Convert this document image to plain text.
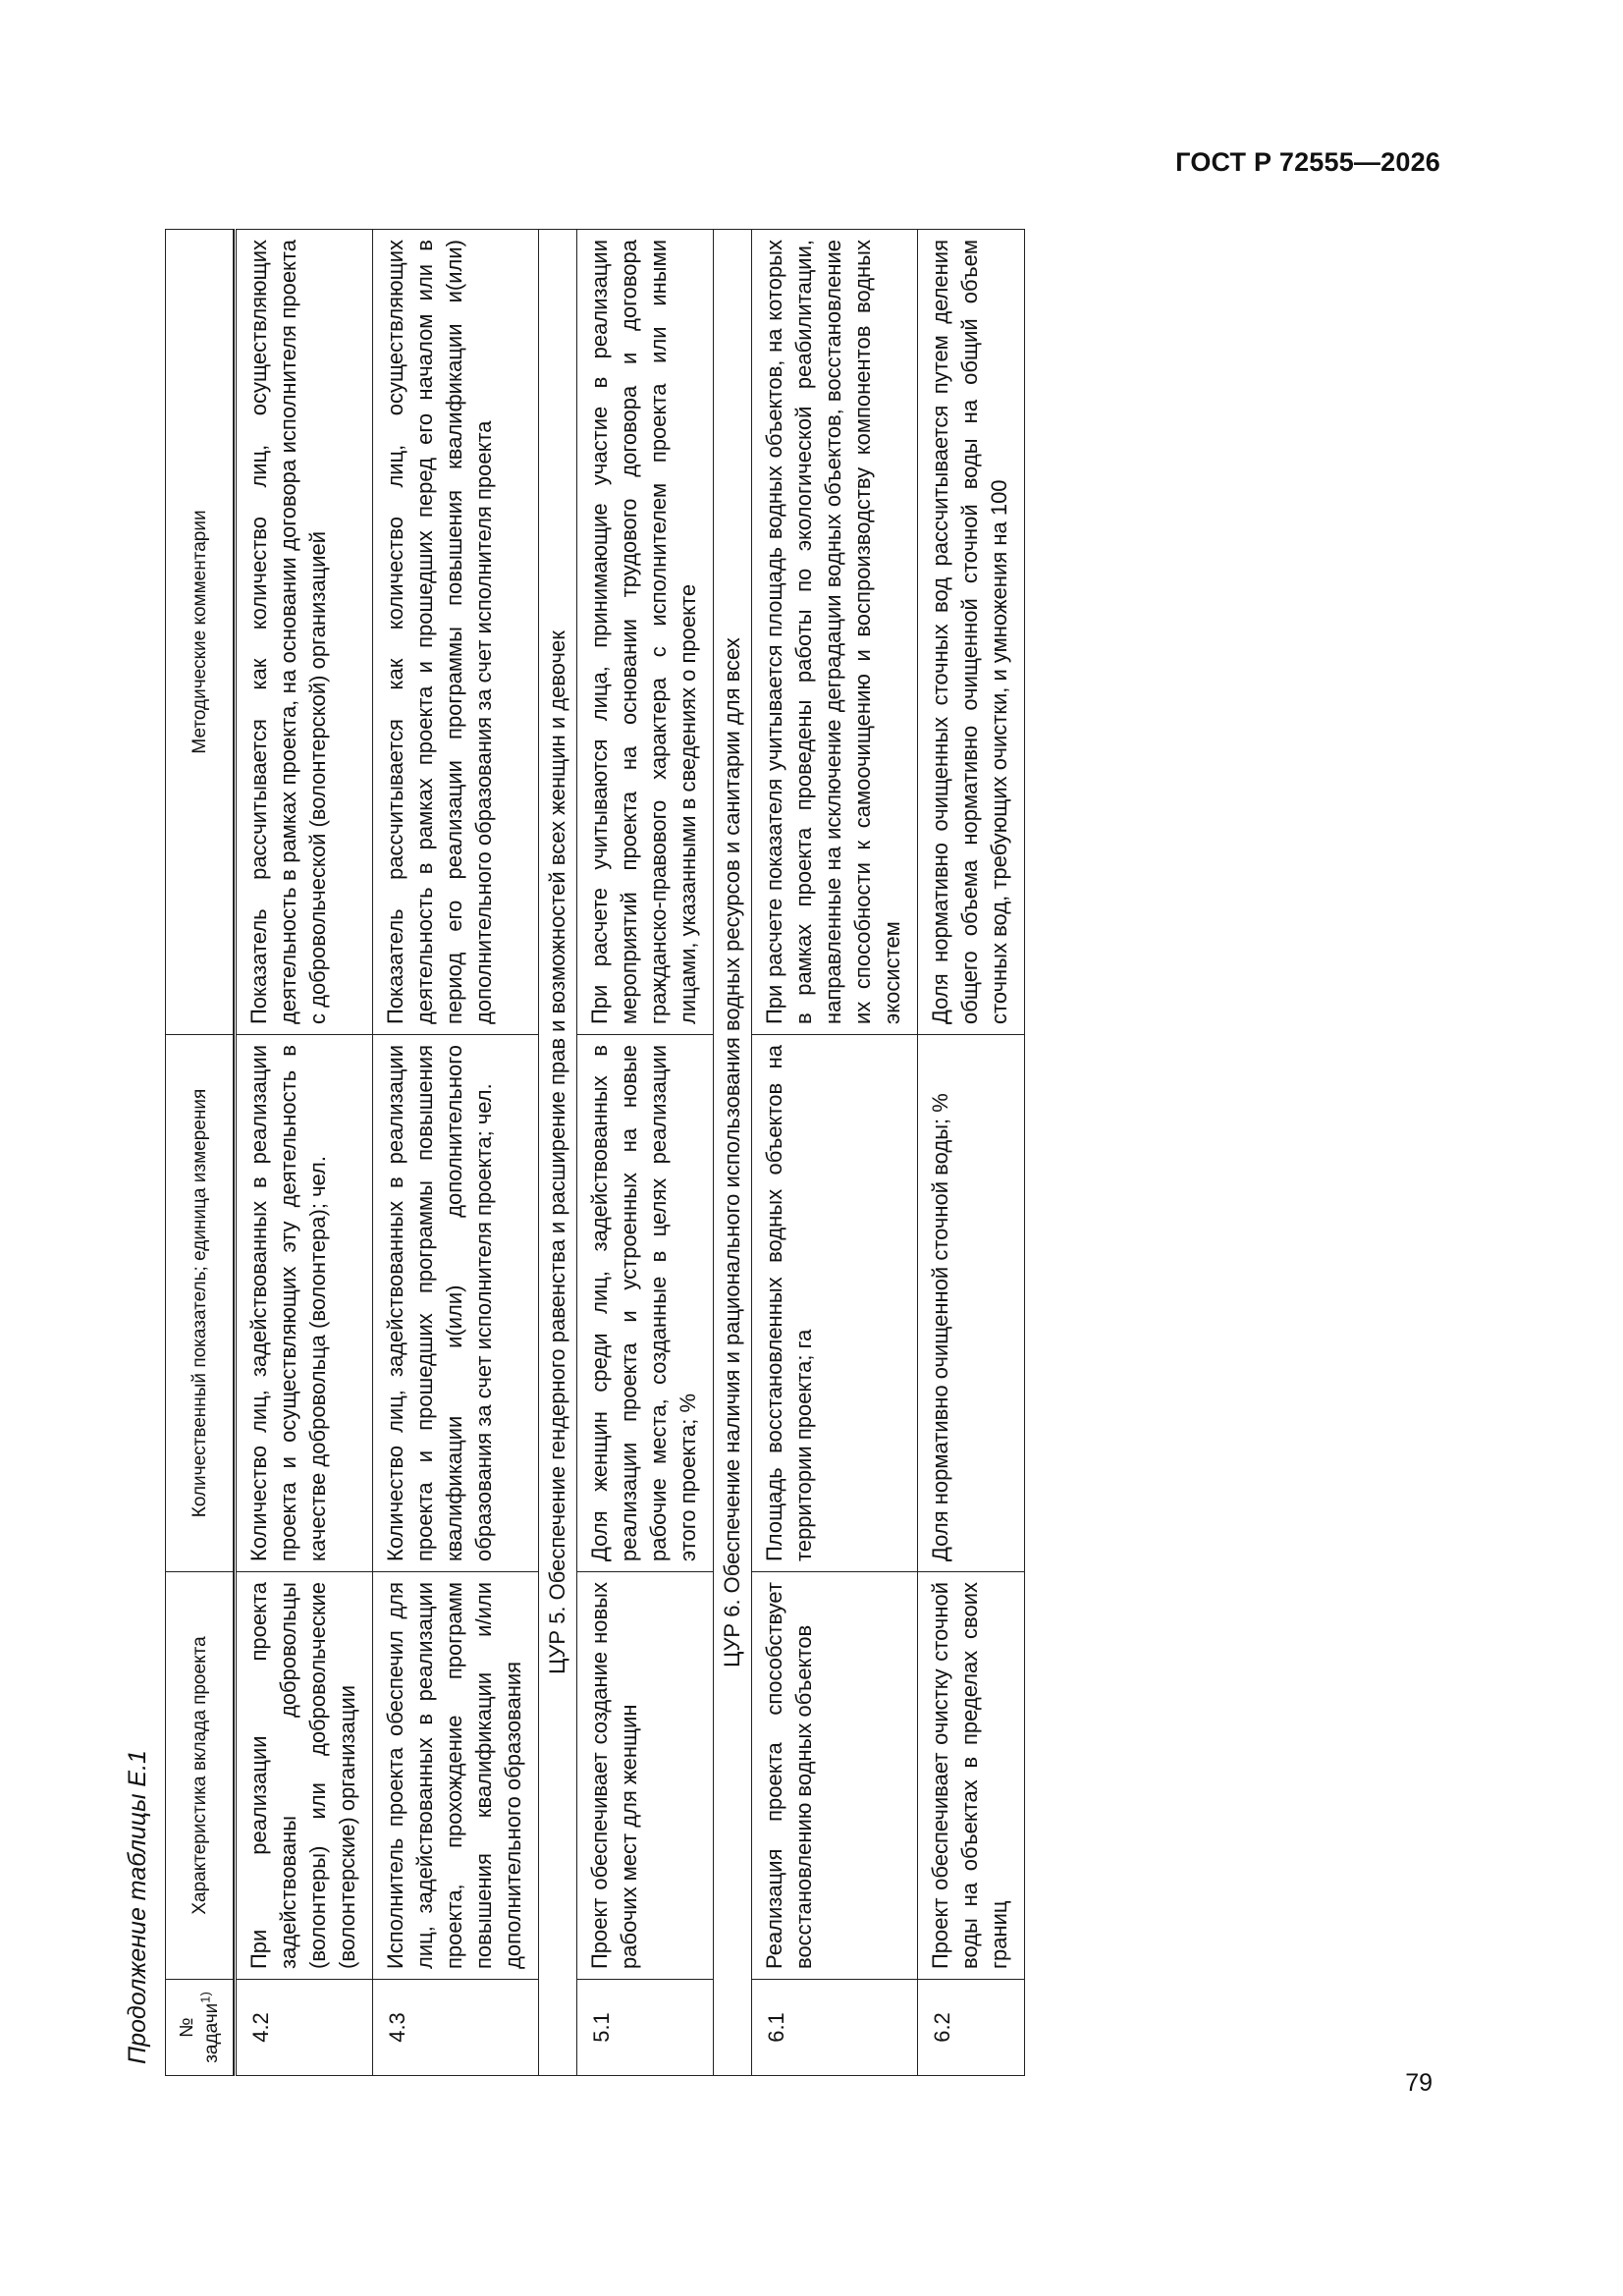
ГОСТ Р 72555—2026
Продолжение таблицы Е.1	№ задачи$^{1)}$	Характеристика вклада проекта	Количественный показатель; единица измерения	Методические комментарии

4.2	При реализации проекта задействованы добровольцы (волонтеры) или добровольческие (волонтерские) организации	Количество лиц, задействованных в реализации проекта и осуществляющих эту деятельность в качестве добровольца (волонтера); чел.	Показатель рассчитывается как количество лиц, осуществляющих деятельность в рамках проекта, на основании договора исполнителя проекта с добровольческой (волонтерской) организацией
4.3	Исполнитель проекта обеспечил для лиц, задействованных в реализации проекта, прохождение программ повышения квалификации и/или дополнительного образования	Количество лиц, задействованных в реализации проекта и прошедших программы повышения квалификации и(или) дополнительного образования за счет исполнителя проекта; чел.	Показатель рассчитывается как количество лиц, осуществляющих деятельность в рамках проекта и прошедших перед его началом или в период его реализации программы повышения квалификации и(или) дополнительного образования за счет исполнителя проекта
ЦУР 5. Обеспечение гендерного равенства и расширение прав и возможностей всех женщин и девочек			
5.1	Проект обеспечивает создание новых рабочих мест для женщин	Доля женщин среди лиц, задействованных в реализации проекта и устроенных на новые рабочие места, созданные в целях реализации этого проекта; %	При расчете учитываются лица, принимающие участие в реализации мероприятий проекта на основании трудового договора и договора гражданско-правового характера с исполнителем проекта или иными лицами, указанными в сведениях о проекте
ЦУР 6. Обеспечение наличия и рационального использования водных ресурсов и санитарии для всех			
6.1	Реализация проекта способствует восстановлению водных объектов	Площадь восстановленных водных объектов на территории проекта; га	При расчете показателя учитывается площадь водных объектов, на которых в рамках проекта проведены работы по экологической реабилитации, направленные на исключение деградации водных объектов, восстановление их способности к самоочищению и воспроизводству компонентов водных экосистем
6.2	Проект обеспечивает очистку сточной воды на объектах в пределах своих границ	Доля нормативно очищенной сточной воды; %	Доля нормативно очищенных сточных вод рассчитывается путем деления общего объема нормативно очищенной сточной воды на общий объем сточных вод, требующих очистки, и умножения на 100
79
